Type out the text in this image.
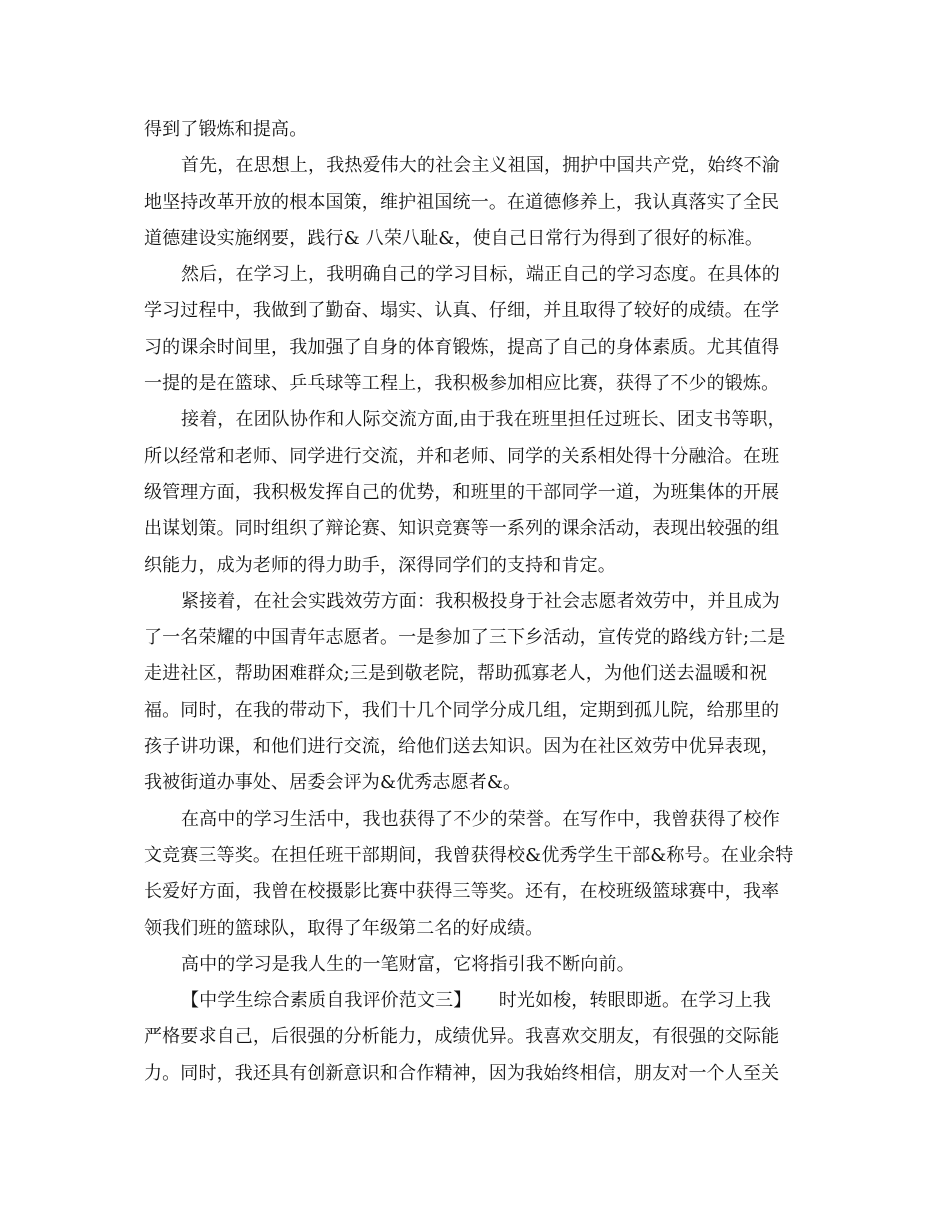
得到了锻炼和提高。
首先，在思想上，我热爱伟大的社会主义祖国，拥护中国共产党，始终不渝
地坚持改革开放的根本国策，维护祖国统一。在道德修养上，我认真落实了全民
道德建设实施纲要，践行& 八荣八耻&，使自己日常行为得到了很好的标准。
然后，在学习上，我明确自己的学习目标，端正自己的学习态度。在具体的
学习过程中，我做到了勤奋、塌实、认真、仔细，并且取得了较好的成绩。在学
习的课余时间里，我加强了自身的体育锻炼，提高了自己的身体素质。尤其值得
一提的是在篮球、乒乓球等工程上，我积极参加相应比赛，获得了不少的锻炼。
接着，在团队协作和人际交流方面,由于我在班里担任过班长、团支书等职，
所以经常和老师、同学进行交流，并和老师、同学的关系相处得十分融洽。在班
级管理方面，我积极发挥自己的优势，和班里的干部同学一道，为班集体的开展
出谋划策。同时组织了辩论赛、知识竞赛等一系列的课余活动，表现出较强的组
织能力，成为老师的得力助手，深得同学们的支持和肯定。
紧接着，在社会实践效劳方面：我积极投身于社会志愿者效劳中，并且成为
了一名荣耀的中国青年志愿者。一是参加了三下乡活动，宣传党的路线方针;二是
走进社区，帮助困难群众;三是到敬老院，帮助孤寡老人，为他们送去温暖和祝
福。同时，在我的带动下，我们十几个同学分成几组，定期到孤儿院，给那里的
孩子讲功课，和他们进行交流，给他们送去知识。因为在社区效劳中优异表现，
我被街道办事处、居委会评为&优秀志愿者&。
在高中的学习生活中，我也获得了不少的荣誉。在写作中，我曾获得了校作
文竞赛三等奖。在担任班干部期间，我曾获得校&优秀学生干部&称号。在业余特
长爱好方面，我曾在校摄影比赛中获得三等奖。还有，在校班级篮球赛中，我率
领我们班的篮球队，取得了年级第二名的好成绩。
高中的学习是我人生的一笔财富，它将指引我不断向前。
【中学生综合素质自我评价范文三】　　时光如梭，转眼即逝。在学习上我
严格要求自己，后很强的分析能力，成绩优异。我喜欢交朋友，有很强的交际能
力。同时，我还具有创新意识和合作精神，因为我始终相信，朋友对一个人至关
